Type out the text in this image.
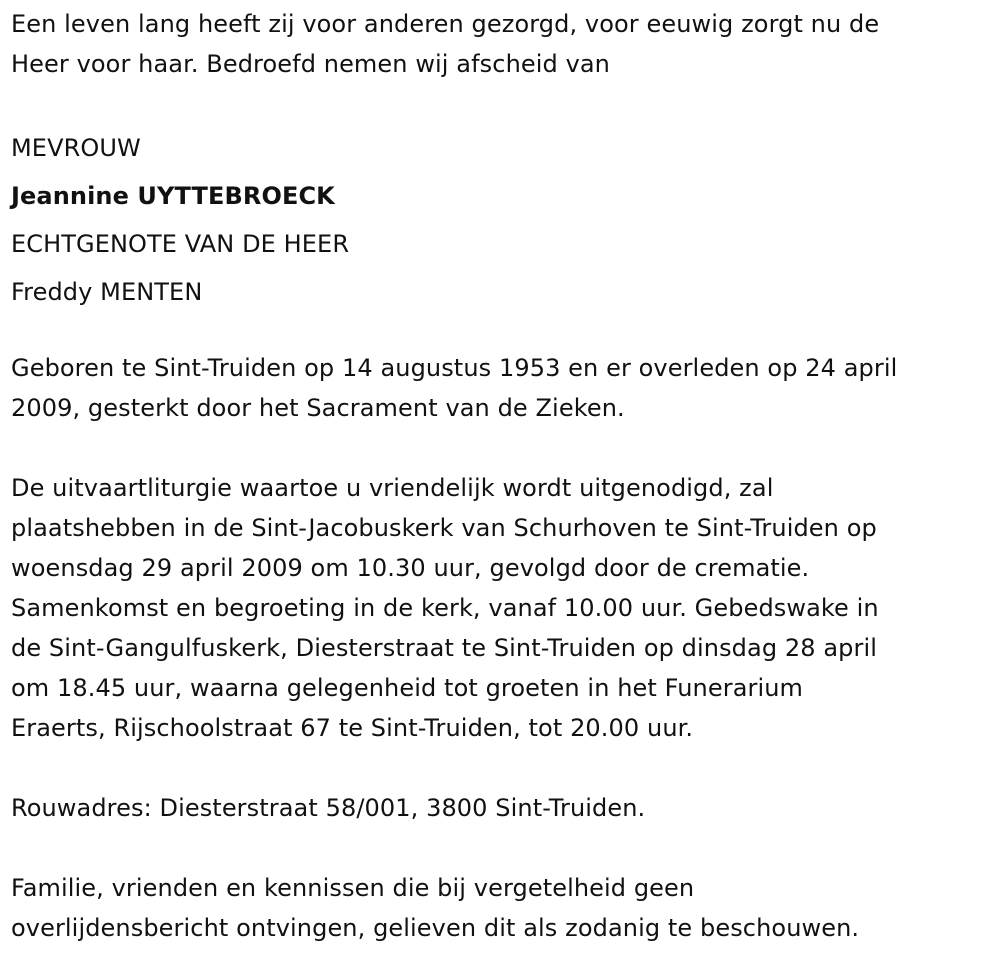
Een leven lang heeft zij voor anderen gezorgd, voor eeuwig zorgt nu de
Heer voor haar. Bedroefd nemen wij afscheid van
MEVROUW
Jeannine UYTTEBROECK
ECHTGENOTE VAN DE HEER
Freddy MENTEN
Geboren te Sint-Truiden op 14 augustus 1953 en er overleden op 24 april
2009, gesterkt door het Sacrament van de Zieken.
De uitvaartliturgie waartoe u vriendelijk wordt uitgenodigd, zal
plaatshebben in de Sint-Jacobuskerk van Schurhoven te Sint-Truiden op
woensdag 29 april 2009 om 10.30 uur, gevolgd door de crematie.
Samenkomst en begroeting in de kerk, vanaf 10.00 uur. Gebedswake in
de Sint-Gangulfuskerk, Diesterstraat te Sint-Truiden op dinsdag 28 april
om 18.45 uur, waarna gelegenheid tot groeten in het Funerarium
Eraerts, Rijschoolstraat 67 te Sint-Truiden, tot 20.00 uur.
Rouwadres: Diesterstraat 58/001, 3800 Sint-Truiden.
Familie, vrienden en kennissen die bij vergetelheid geen
overlijdensbericht ontvingen, gelieven dit als zodanig te beschouwen.
